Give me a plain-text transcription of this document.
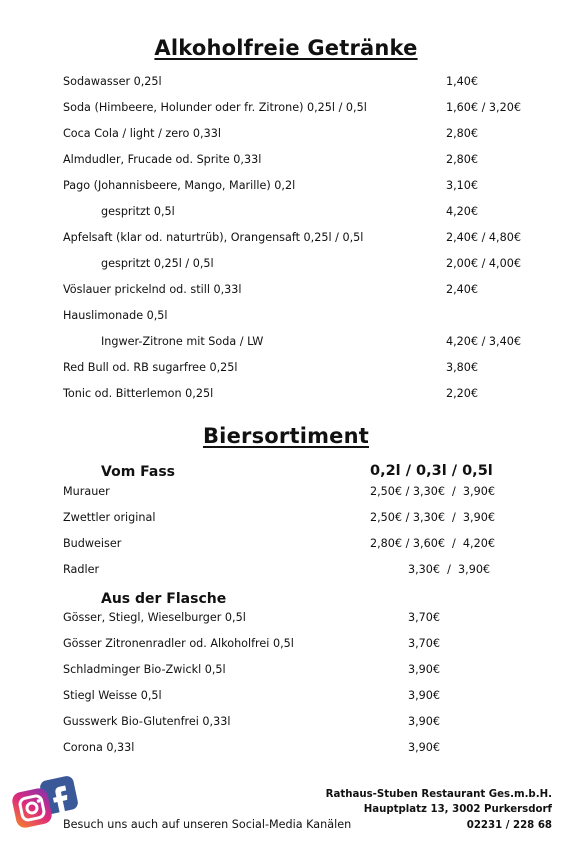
Alkoholfreie Getränke
Sodawasser 0,25l	1,40€
Soda (Himbeere, Holunder oder fr. Zitrone) 0,25l / 0,5l	1,60€ / 3,20€
Coca Cola / light / zero 0,33l	2,80€
Almdudler, Frucade od. Sprite 0,33l	2,80€
Pago (Johannisbeere, Mango, Marille) 0,2l	3,10€
gespritzt 0,5l	4,20€
Apfelsaft (klar od. naturtrüb), Orangensaft 0,25l / 0,5l	2,40€ / 4,80€
gespritzt 0,25l / 0,5l	2,00€ / 4,00€
Vöslauer prickelnd od. still 0,33l	2,40€
Hauslimonade 0,5l
Ingwer-Zitrone mit Soda / LW	4,20€ / 3,40€
Red Bull od. RB sugarfree 0,25l	3,80€
Tonic od. Bitterlemon 0,25l	2,20€
Biersortiment
Vom Fass	0,2l / 0,3l / 0,5l
Murauer	2,50€ / 3,30€  /  3,90€
Zwettler original	2,50€ / 3,30€  /  3,90€
Budweiser	2,80€ / 3,60€  /  4,20€
Radler	3,30€  /  3,90€
Aus der Flasche
Gösser, Stiegl, Wieselburger 0,5l	3,70€
Gösser Zitronenradler od. Alkoholfrei 0,5l	3,70€
Schladminger Bio-Zwickl 0,5l	3,90€
Stiegl Weisse 0,5l	3,90€
Gusswerk Bio-Glutenfrei 0,33l	3,90€
Corona 0,33l	3,90€
Rathaus-Stuben Restaurant Ges.m.b.H.
Hauptplatz 13, 3002 Purkersdorf
02231 / 228 68
Besuch uns auch auf unseren Social-Media Kanälen
